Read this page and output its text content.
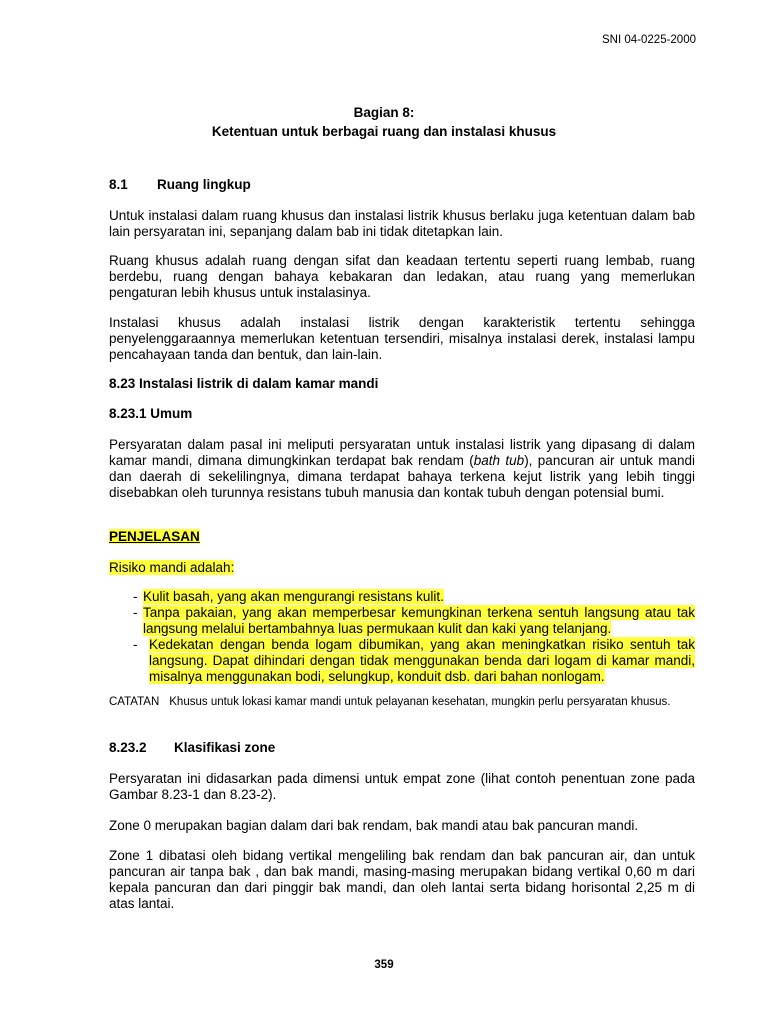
SNI 04-0225-2000
Bagian 8:
Ketentuan untuk berbagai ruang dan instalasi khusus
8.1 Ruang lingkup
Untuk instalasi dalam ruang khusus dan instalasi listrik khusus berlaku juga ketentuan dalam bab lain persyaratan ini, sepanjang dalam bab ini tidak ditetapkan lain.
Ruang khusus adalah ruang dengan sifat dan keadaan tertentu seperti ruang lembab, ruang berdebu, ruang dengan bahaya kebakaran dan ledakan, atau ruang yang memerlukan pengaturan lebih khusus untuk instalasinya.
Instalasi khusus adalah instalasi listrik dengan karakteristik tertentu sehingga penyelenggaraannya memerlukan ketentuan tersendiri, misalnya instalasi derek, instalasi lampu pencahayaan tanda dan bentuk, dan lain-lain.
8.23 Instalasi listrik di dalam kamar mandi
8.23.1 Umum
Persyaratan dalam pasal ini meliputi persyaratan untuk instalasi listrik yang dipasang di dalam kamar mandi, dimana dimungkinkan terdapat bak rendam (bath tub), pancuran air untuk mandi dan daerah di sekelilingnya, dimana terdapat bahaya terkena kejut listrik yang lebih tinggi disebabkan oleh turunnya resistans tubuh manusia dan kontak tubuh dengan potensial bumi.
PENJELASAN
Risiko mandi adalah:
- Kulit basah, yang akan mengurangi resistans kulit.
- Tanpa pakaian, yang akan memperbesar kemungkinan terkena sentuh langsung atau tak langsung melalui bertambahnya luas permukaan kulit dan kaki yang telanjang.
- Kedekatan dengan benda logam dibumikan, yang akan meningkatkan risiko sentuh tak langsung. Dapat dihindari dengan tidak menggunakan benda dari logam di kamar mandi, misalnya menggunakan bodi, selungkup, konduit dsb. dari bahan nonlogam.
CATATAN Khusus untuk lokasi kamar mandi untuk pelayanan kesehatan, mungkin perlu persyaratan khusus.
8.23.2 Klasifikasi zone
Persyaratan ini didasarkan pada dimensi untuk empat zone (lihat contoh penentuan zone pada Gambar 8.23-1 dan 8.23-2).
Zone 0 merupakan bagian dalam dari bak rendam, bak mandi atau bak pancuran mandi.
Zone 1 dibatasi oleh bidang vertikal mengeliling bak rendam dan bak pancuran air, dan untuk pancuran air tanpa bak , dan bak mandi, masing-masing merupakan bidang vertikal 0,60 m dari kepala pancuran dan dari pinggir bak mandi, dan oleh lantai serta bidang horisontal 2,25 m di atas lantai.
359
